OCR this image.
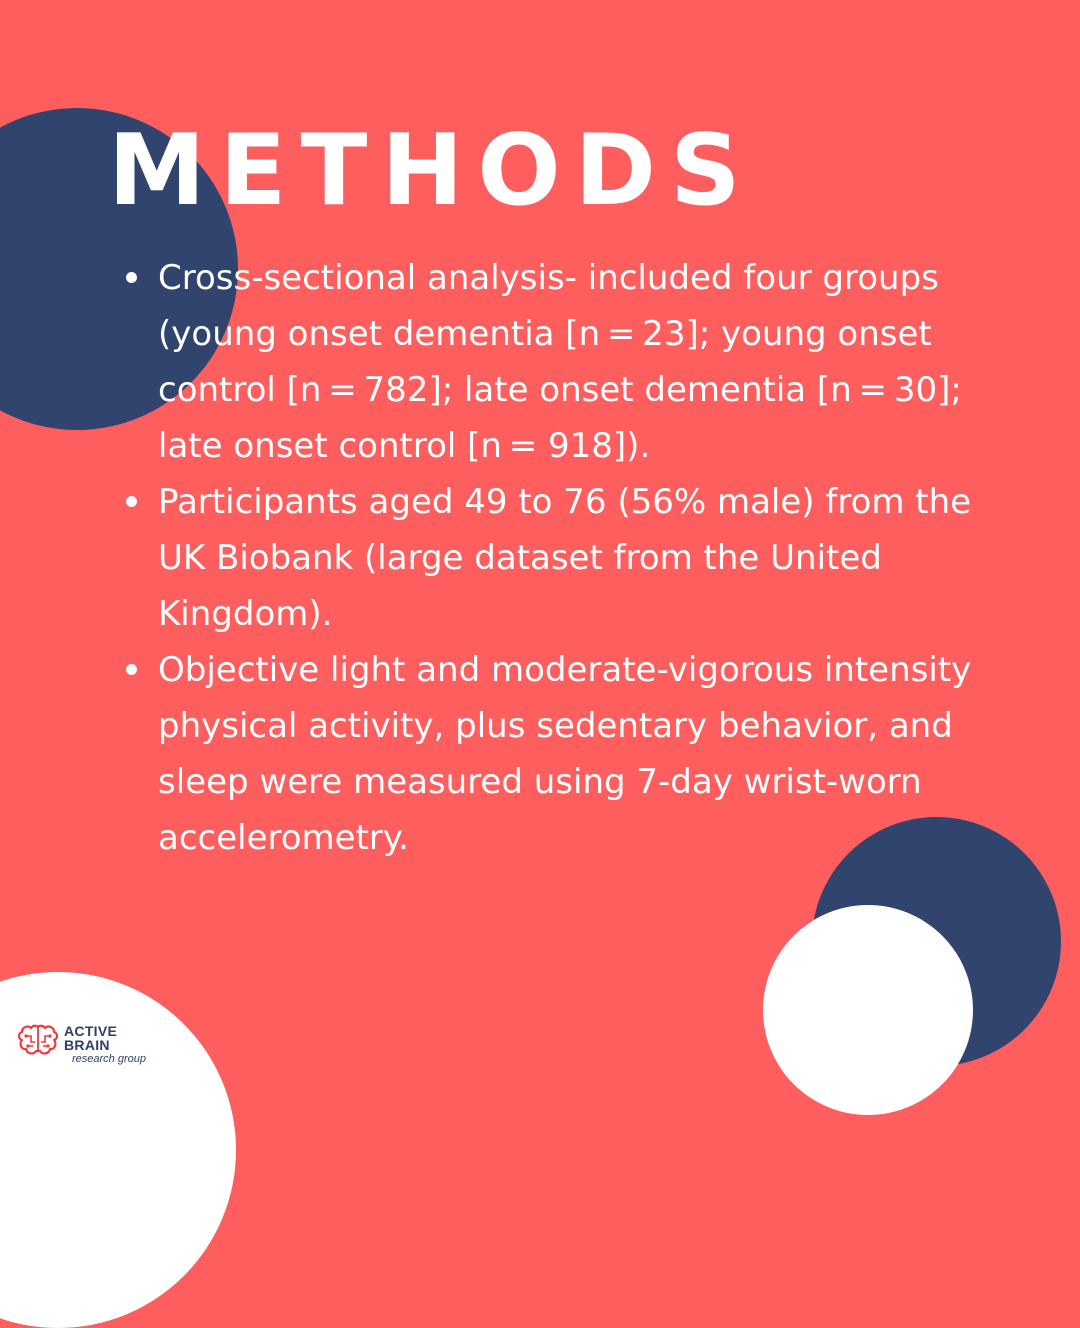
METHODS
Cross-sectional analysis- included four groups (young onset dementia [n = 23]; young onset control [n = 782]; late onset dementia [n = 30]; late onset control [n = 918]).
Participants aged 49 to 76 (56% male) from the UK Biobank (large dataset from the United Kingdom).
Objective light and moderate-vigorous intensity physical activity, plus sedentary behavior, and sleep were measured using 7-day wrist-worn accelerometry.
ACTIVE
BRAIN
research group
